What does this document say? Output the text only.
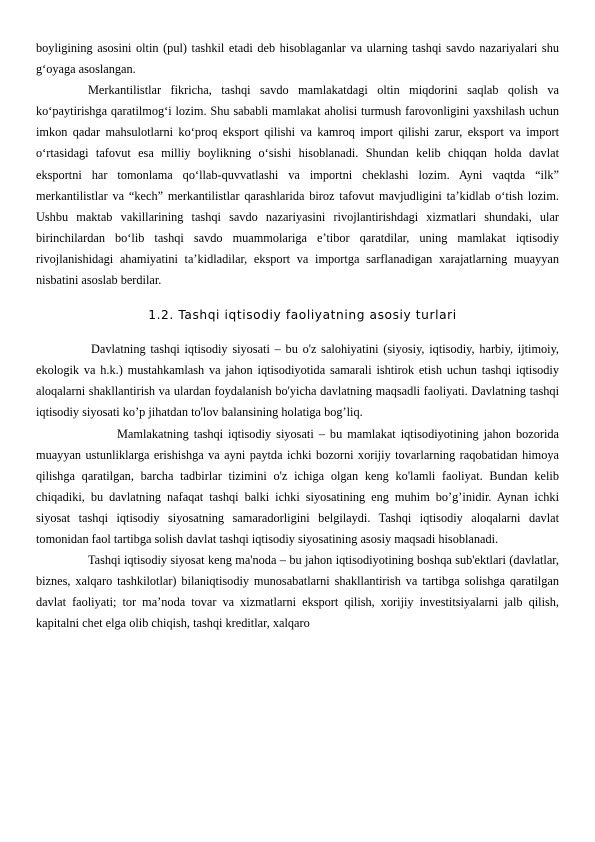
boyligining asosini oltin (pul) tashkil etadi deb hisoblaganlar va ularning tashqi savdo nazariyalari shu g‘oyaga asoslangan.

Merkantilistlar fikricha, tashqi savdo mamlakatdagi oltin miqdorini saqlab qolish va ko‘paytirishga qaratilmog‘i lozim. Shu sababli mamlakat aholisi turmush farovonligini yaxshilash uchun imkon qadar mahsulotlarni ko‘proq eksport qilishi va kamroq import qilishi zarur, eksport va import o‘rtasidagi tafovut esa milliy boylikning o‘sishi hisoblanadi. Shundan kelib chiqqan holda davlat eksportni har tomonlama qo‘llab-quvvatlashi va importni cheklashi lozim. Ayni vaqtda “ilk” merkantilistlar va “kech” merkantilistlar qarashlarida biroz tafovut mavjudligini ta’kidlab o‘tish lozim. Ushbu maktab vakillarining tashqi savdo nazariyasini rivojlantirishdagi xizmatlari shundaki, ular birinchilardan bo‘lib tashqi savdo muammolariga e’tibor qaratdilar, uning mamlakat iqtisodiy rivojlanishidagi ahamiyatini ta’kidladilar, eksport va importga sarflanadigan xarajatlarning muayyan nisbatini asoslab berdilar.

1.2. Tashqi iqtisodiy faoliyatning asosiy turlari

Davlatning tashqi iqtisodiy siyosati – bu o'z salohiyatini (siyosiy, iqtisodiy, harbiy, ijtimoiy, ekologik va h.k.) mustahkamlash va jahon iqtisodiyotida samarali ishtirok etish uchun tashqi iqtisodiy aloqalarni shakllantirish va ulardan foydalanish bo'yicha davlatning maqsadli faoliyati. Davlatning tashqi iqtisodiy siyosati ko’p jihatdan to'lov balansining holatiga bog’liq.

Mamlakatning tashqi iqtisodiy siyosati – bu mamlakat iqtisodiyotining jahon bozorida muayyan ustunliklarga erishishga va ayni paytda ichki bozorni xorijiy tovarlarning raqobatidan himoya qilishga qaratilgan, barcha tadbirlar tizimini o'z ichiga olgan keng ko'lamli faoliyat. Bundan kelib chiqadiki, bu davlatning nafaqat tashqi balki ichki siyosatining eng muhim bo’g’inidir. Aynan ichki siyosat tashqi iqtisodiy siyosatning samaradorligini belgilaydi. Tashqi iqtisodiy aloqalarni davlat tomonidan faol tartibga solish davlat tashqi iqtisodiy siyosatining asosiy maqsadi hisoblanadi.

Tashqi iqtisodiy siyosat keng ma'noda – bu jahon iqtisodiyotining boshqa sub'ektlari (davlatlar, biznes, xalqaro tashkilotlar) bilaniqtisodiy munosabatlarni shakllantirish va tartibga solishga qaratilgan davlat faoliyati; tor ma’noda tovar va xizmatlarni eksport qilish, xorijiy investitsiyalarni jalb qilish, kapitalni chet elga olib chiqish, tashqi kreditlar, xalqaro
